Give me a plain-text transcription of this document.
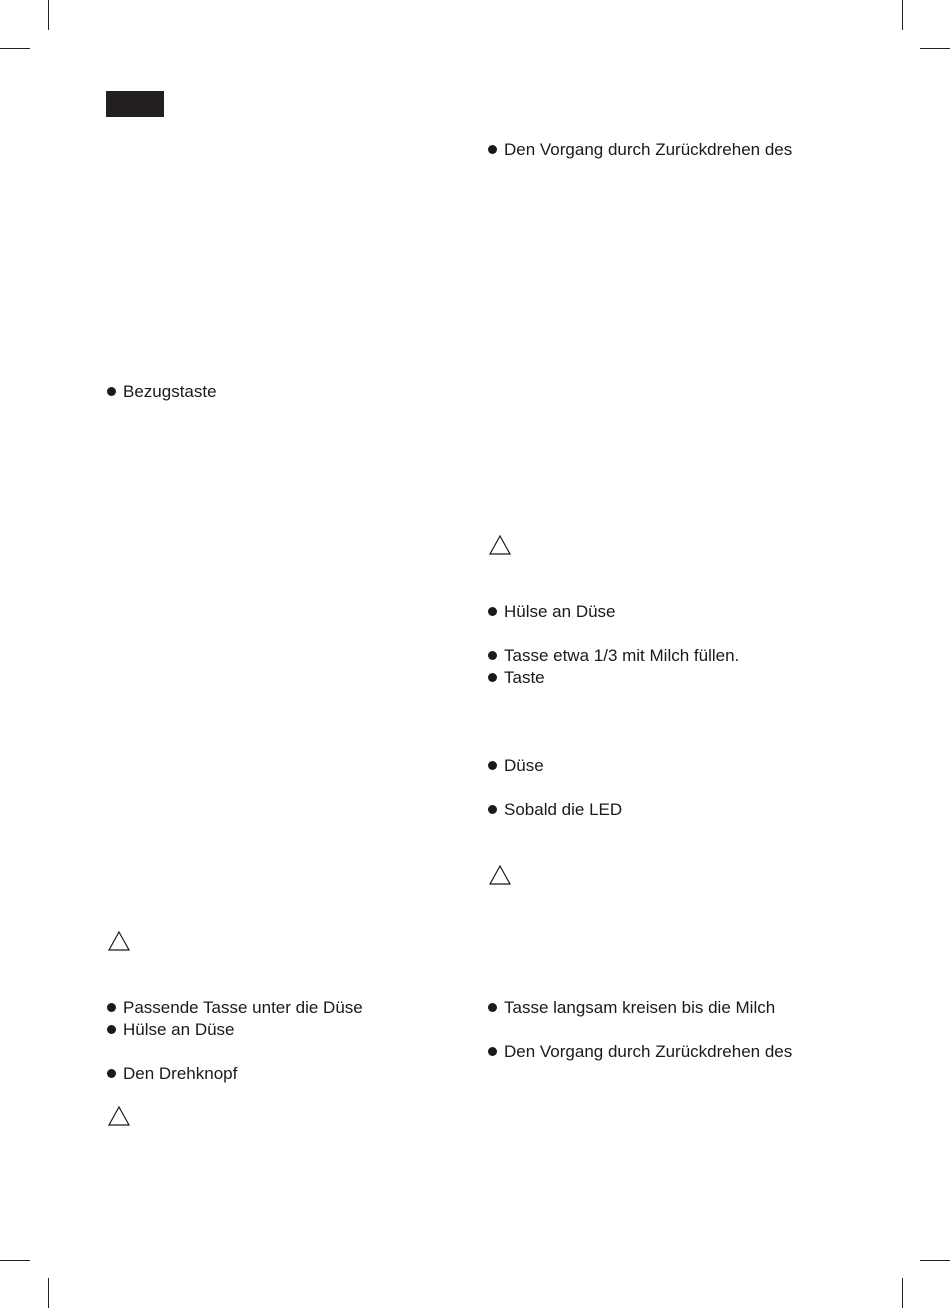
Bezugstaste
Passende Tasse unter die Düse
Hülse an Düse
Den Drehknopf
Den Vorgang durch Zurückdrehen des
Hülse an Düse
Tasse etwa 1/3 mit Milch füllen.
Taste
Düse
Sobald die LED
Tasse langsam kreisen bis die Milch
Den Vorgang durch Zurückdrehen des
